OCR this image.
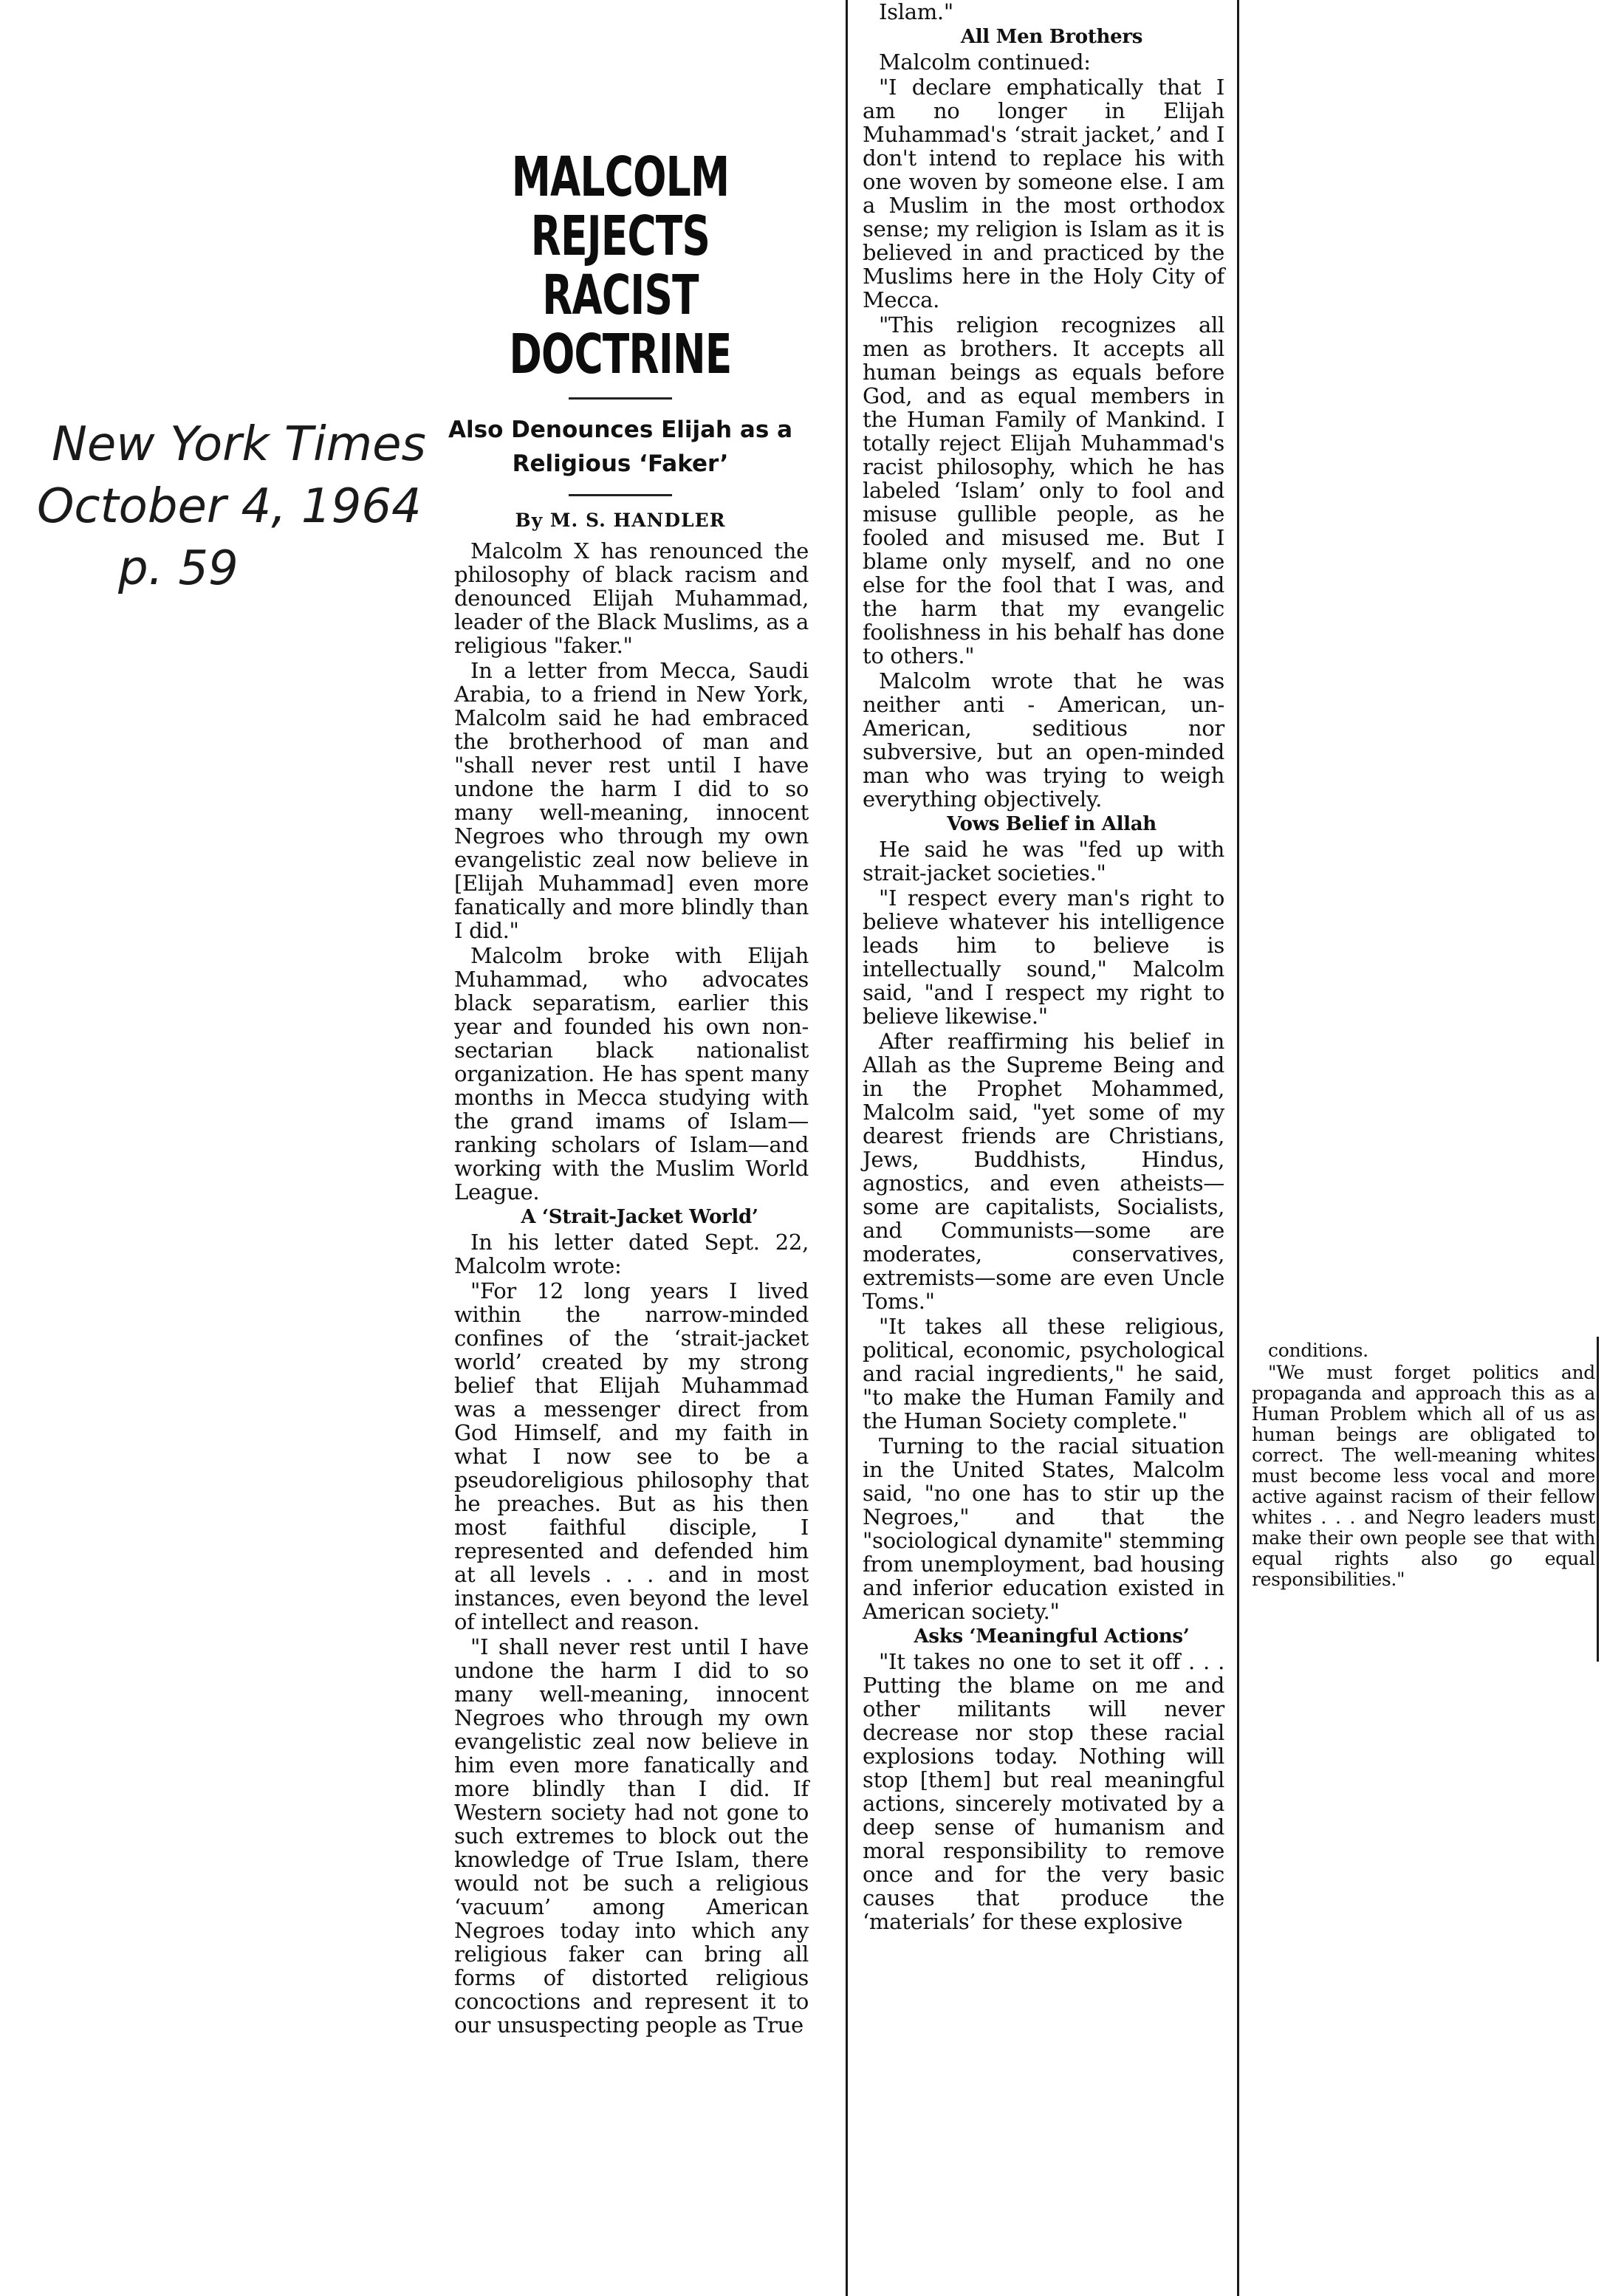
New York Times
October 4, 1964
p. 59
MALCOLM REJECTS
RACIST DOCTRINE
Also Denounces Elijah as a
Religious ‘Faker’
By M. S. HANDLER

Malcolm X has renounced the philosophy of black racism and denounced Elijah Muhammad, leader of the Black Muslims, as a religious "faker."

In a letter from Mecca, Saudi Arabia, to a friend in New York, Malcolm said he had embraced the brotherhood of man and "shall never rest until I have undone the harm I did to so many well-meaning, innocent Negroes who through my own evangelistic zeal now believe in [Elijah Muhammad] even more fanatically and more blindly than I did."

Malcolm broke with Elijah Muhammad, who advocates black separatism, earlier this year and founded his own non-sectarian black nationalist organization. He has spent many months in Mecca studying with the grand imams of Islam—ranking scholars of Islam—and working with the Muslim World League.

A ‘Strait-Jacket World’

In his letter dated Sept. 22, Malcolm wrote:

"For 12 long years I lived within the narrow-minded confines of the ‘strait-jacket world’ created by my strong belief that Elijah Muhammad was a messenger direct from God Himself, and my faith in what I now see to be a pseudoreligious philosophy that he preaches. But as his then most faithful disciple, I represented and defended him at all levels . . . and in most instances, even beyond the level of intellect and reason.

"I shall never rest until I have undone the harm I did to so many well-meaning, innocent Negroes who through my own evangelistic zeal now believe in him even more fanatically and more blindly than I did. If Western society had not gone to such extremes to block out the knowledge of True Islam, there would not be such a religious ‘vacuum’ among American Negroes today into which any religious faker can bring all forms of distorted religious concoctions and represent it to our unsuspecting people as True

Islam."

All Men Brothers

Malcolm continued:

"I declare emphatically that I am no longer in Elijah Muhammad's ‘strait jacket,’ and I don't intend to replace his with one woven by someone else. I am a Muslim in the most orthodox sense; my religion is Islam as it is believed in and practiced by the Muslims here in the Holy City of Mecca.

"This religion recognizes all men as brothers. It accepts all human beings as equals before God, and as equal members in the Human Family of Mankind. I totally reject Elijah Muhammad's racist philosophy, which he has labeled ‘Islam’ only to fool and misuse gullible people, as he fooled and misused me. But I blame only myself, and no one else for the fool that I was, and the harm that my evangelic foolishness in his behalf has done to others."

Malcolm wrote that he was neither anti - American, un-American, seditious nor subversive, but an open-minded man who was trying to weigh everything objectively.

Vows Belief in Allah

He said he was "fed up with strait-jacket societies."

"I respect every man's right to believe whatever his intelligence leads him to believe is intellectually sound," Malcolm said, "and I respect my right to believe likewise."

After reaffirming his belief in Allah as the Supreme Being and in the Prophet Mohammed, Malcolm said, "yet some of my dearest friends are Christians, Jews, Buddhists, Hindus, agnostics, and even atheists—some are capitalists, Socialists, and Communists—some are moderates, conservatives, extremists—some are even Uncle Toms."

"It takes all these religious, political, economic, psychological and racial ingredients," he said, "to make the Human Family and the Human Society complete."

Turning to the racial situation in the United States, Malcolm said, "no one has to stir up the Negroes," and that the "sociological dynamite" stemming from unemployment, bad housing and inferior education existed in American society."

Asks ‘Meaningful Actions’

"It takes no one to set it off . . . Putting the blame on me and other militants will never decrease nor stop these racial explosions today. Nothing will stop [them] but real meaningful actions, sincerely motivated by a deep sense of humanism and moral responsibility to remove once and for the very basic causes that produce the ‘materials’ for these explosive

conditions.

"We must forget politics and propaganda and approach this as a Human Problem which all of us as human beings are obligated to correct. The well-meaning whites must become less vocal and more active against racism of their fellow whites . . . and Negro leaders must make their own people see that with equal rights also go equal responsibilities."
